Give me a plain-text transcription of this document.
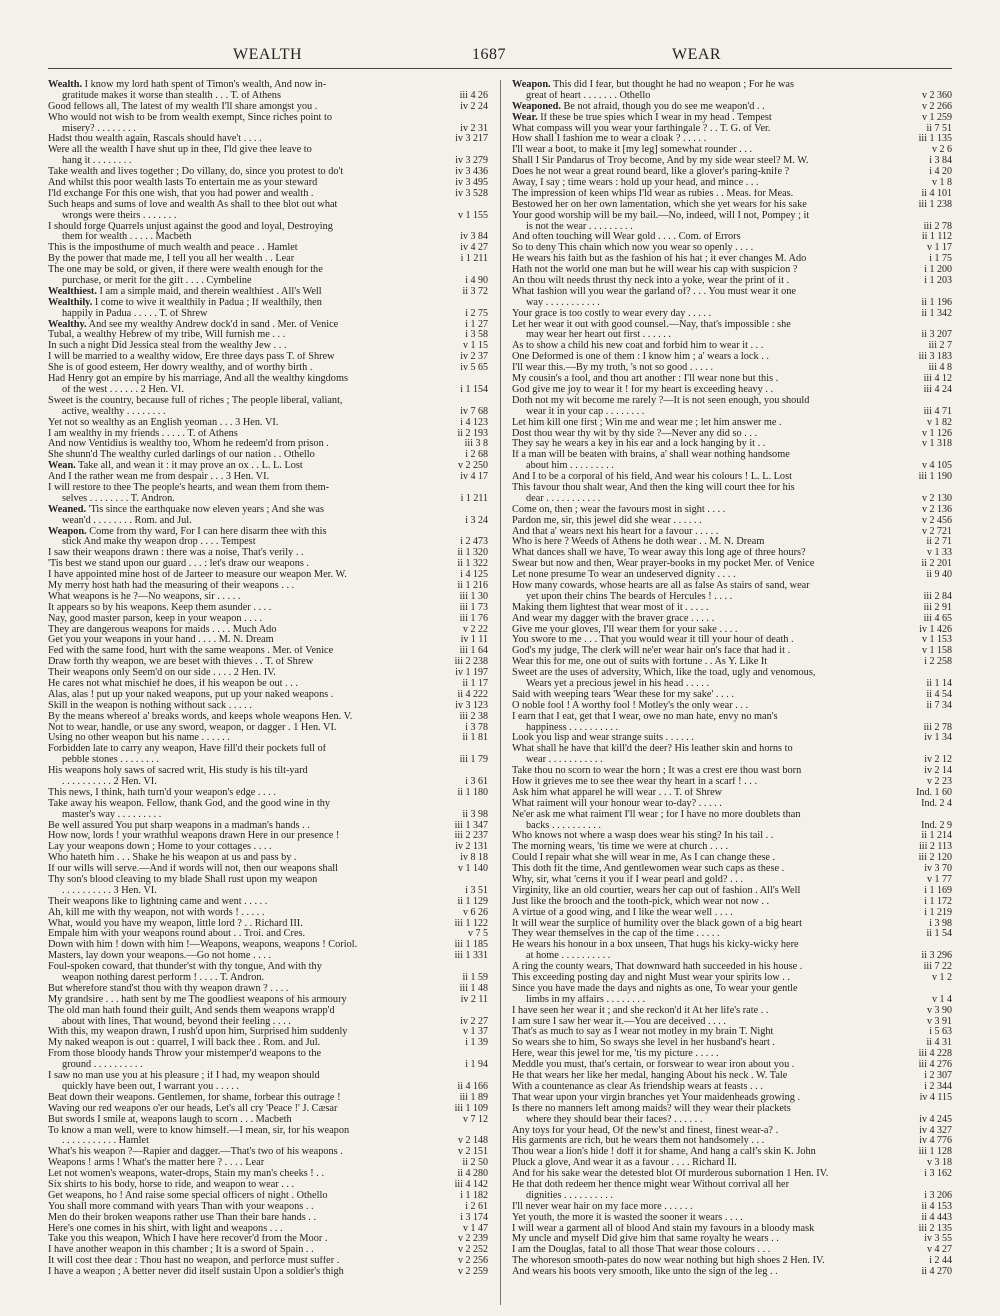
WEALTH	1687	WEAR
Wealth. I know my lord hath spent of Timon's wealth, And now in-
gratitude makes it worse than stealth . . . T. of Athens	iii 4 26
Good fellows all, The latest of my wealth I'll share amongst you .	iv 2 24
Who would not wish to be from wealth exempt, Since riches point to
misery? . . . . . . . .	iv 2 31
Hadst thou wealth again, Rascals should have't . . . .	iv 3 217
Were all the wealth I have shut up in thee, I'ld give thee leave to
hang it . . . . . . . .	iv 3 279
Take wealth and lives together ; Do villany, do, since you protest to do't	iv 3 436
And whilst this poor wealth lasts To entertain me as your steward	iv 3 495
I'ld exchange For this one wish, that you had power and wealth .	iv 3 528
Such heaps and sums of love and wealth As shall to thee blot out what
wrongs were theirs . . . . . . .	v 1 155
I should forge Quarrels unjust against the good and loyal, Destroying
them for wealth . . . . . Macbeth	iv 3 84
This is the imposthume of much wealth and peace . . Hamlet	iv 4 27
By the power that made me, I tell you all her wealth . . Lear	i 1 211
The one may be sold, or given, if there were wealth enough for the
purchase, or merit for the gift . . . . Cymbeline	i 4 90
Wealthiest. I am a simple maid, and therein wealthiest . All's Well	ii 3 72
Wealthily. I come to wive it wealthily in Padua ; If wealthily, then
happily in Padua . . . . . T. of Shrew	i 2 75
Wealthy. And see my wealthy Andrew dock'd in sand . Mer. of Venice	i 1 27
Tubal, a wealthy Hebrew of my tribe, Will furnish me . . .	i 3 58
In such a night Did Jessica steal from the wealthy Jew . . .	v 1 15
I will be married to a wealthy widow, Ere three days pass T. of Shrew	iv 2 37
She is of good esteem, Her dowry wealthy, and of worthy birth .	iv 5 65
Had Henry got an empire by his marriage, And all the wealthy kingdoms
of the west . . . . . . 2 Hen. VI.	i 1 154
Sweet is the country, because full of riches ; The people liberal, valiant,
active, wealthy . . . . . . . .	iv 7 68
Yet not so wealthy as an English yeoman . . . 3 Hen. VI.	i 4 123
I am wealthy in my friends . . . . . T. of Athens	ii 2 193
And now Ventidius is wealthy too, Whom he redeem'd from prison .	iii 3 8
She shunn'd The wealthy curled darlings of our nation . . Othello	i 2 68
Wean. Take all, and wean it : it may prove an ox . . L. L. Lost	v 2 250
And I the rather wean me from despair . . . 3 Hen. VI.	iv 4 17
I will restore to thee The people's hearts, and wean them from them-
selves . . . . . . . . T. Andron.	i 1 211
Weaned. 'Tis since the earthquake now eleven years ; And she was
wean'd . . . . . . . . Rom. and Jul.	i 3 24
Weapon. Come from thy ward, For I can here disarm thee with this
stick And make thy weapon drop . . . . Tempest	i 2 473
I saw their weapons drawn : there was a noise, That's verily . .	ii 1 320
'Tis best we stand upon our guard . . . : let's draw our weapons .	ii 1 322
I have appointed mine host of de Jarteer to measure our weapon Mer. W.	i 4 125
My merry host hath had the measuring of their weapons . . .	ii 1 216
What weapons is he ?—No weapons, sir . . . . .	iii 1 30
It appears so by his weapons. Keep them asunder . . . .	iii 1 73
Nay, good master parson, keep in your weapon . . . .	iii 1 76
They are dangerous weapons for maids . . . . Much Ado	v 2 22
Get you your weapons in your hand . . . . M. N. Dream	iv 1 11
Fed with the same food, hurt with the same weapons . Mer. of Venice	iii 1 64
Draw forth thy weapon, we are beset with thieves . . T. of Shrew	iii 2 238
Their weapons only Seem'd on our side . . . . 2 Hen. IV.	iv 1 197
He cares not what mischief he does, if his weapon be out . . .	ii 1 17
Alas, alas ! put up your naked weapons, put up your naked weapons .	ii 4 222
Skill in the weapon is nothing without sack . . . . .	iv 3 123
By the means whereof a' breaks words, and keeps whole weapons Hen. V.	iii 2 38
Not to wear, handle, or use any sword, weapon, or dagger . 1 Hen. VI.	i 3 78
Using no other weapon but his name . . . . . .	ii 1 81
Forbidden late to carry any weapon, Have fill'd their pockets full of
pebble stones . . . . . . . .	iii 1 79
His weapons holy saws of sacred writ, His study is his tilt-yard
. . . . . . . . . . 2 Hen. VI.	i 3 61
This news, I think, hath turn'd your weapon's edge . . . .	ii 1 180
Take away his weapon. Fellow, thank God, and the good wine in thy
master's way . . . . . . . . .	ii 3 98
Be well assured You put sharp weapons in a madman's hands . .	iii 1 347
How now, lords ! your wrathful weapons drawn Here in our presence !	iii 2 237
Lay your weapons down ; Home to your cottages . . . .	iv 2 131
Who hateth him . . . Shake he his weapon at us and pass by .	iv 8 18
If our wills will serve.—And if words will not, then our weapons shall	v 1 140
Thy son's blood cleaving to my blade Shall rust upon my weapon
. . . . . . . . . . 3 Hen. VI.	i 3 51
Their weapons like to lightning came and went . . . . .	ii 1 129
Ah, kill me with thy weapon, not with words ! . . . . .	v 6 26
What, would you have my weapon, little lord ? . . Richard III.	iii 1 122
Empale him with your weapons round about . . Troi. and Cres.	v 7 5
Down with him ! down with him !—Weapons, weapons, weapons ! Coriol.	iii 1 185
Masters, lay down your weapons.—Go not home . . . .	iii 1 331
Foul-spoken coward, that thunder'st with thy tongue, And with thy
weapon nothing darest perform ! . . . . T. Andron.	ii 1 59
But wherefore stand'st thou with thy weapon drawn ? . . . .	iii 1 48
My grandsire . . . hath sent by me The goodliest weapons of his armoury	iv 2 11
The old man hath found their guilt, And sends them weapons wrapp'd
about with lines, That wound, beyond their feeling . . . .	iv 2 27
With this, my weapon drawn, I rush'd upon him, Surprised him suddenly	v 1 37
My naked weapon is out : quarrel, I will back thee . Rom. and Jul.	i 1 39
From those bloody hands Throw your mistemper'd weapons to the
ground . . . . . . . . . .	i 1 94
I saw no man use you at his pleasure ; if I had, my weapon should
quickly have been out, I warrant you . . . . .	ii 4 166
Beat down their weapons. Gentlemen, for shame, forbear this outrage !	iii 1 89
Waving our red weapons o'er our heads, Let's all cry 'Peace !' J. Cæsar	iii 1 109
But swords I smile at, weapons laugh to scorn . . . Macbeth	v 7 12
To know a man well, were to know himself.—I mean, sir, for his weapon
. . . . . . . . . . . Hamlet	v 2 148
What's his weapon ?—Rapier and dagger.—That's two of his weapons .	v 2 151
Weapons ! arms ! What's the matter here ? . . . . Lear	ii 2 50
Let not women's weapons, water-drops, Stain my man's cheeks ! . .	ii 4 280
Six shirts to his body, horse to ride, and weapon to wear . . .	iii 4 142
Get weapons, ho ! And raise some special officers of night . Othello	i 1 182
You shall more command with years Than with your weapons . .	i 2 61
Men do their broken weapons rather use Than their bare hands . .	i 3 174
Here's one comes in his shirt, with light and weapons . . .	v 1 47
Take you this weapon, Which I have here recover'd from the Moor .	v 2 239
I have another weapon in this chamber ; It is a sword of Spain . .	v 2 252
It will cost thee dear : Thou hast no weapon, and perforce must suffer .	v 2 256
I have a weapon ; A better never did itself sustain Upon a soldier's thigh	v 2 259
Weapon. This did I fear, but thought he had no weapon ; For he was
great of heart . . . . . . . Othello	v 2 360
Weaponed. Be not afraid, though you do see me weapon'd . .	v 2 266
Wear. If these be true spies which I wear in my head . Tempest	v 1 259
What compass will you wear your farthingale ? . . T. G. of Ver.	ii 7 51
How shall I fashion me to wear a cloak ? . . . . .	iii 1 135
I'll wear a boot, to make it [my leg] somewhat rounder . . .	v 2 6
Shall I Sir Pandarus of Troy become, And by my side wear steel? M. W.	i 3 84
Does he not wear a great round beard, like a glover's paring-knife ?	i 4 20
Away, I say ; time wears : hold up your head, and mince . . .	v 1 8
The impression of keen whips I'ld wear as rubies . . Meas. for Meas.	ii 4 101
Bestowed her on her own lamentation, which she yet wears for his sake	iii 1 238
Your good worship will be my bail.—No, indeed, will I not, Pompey ; it
is not the wear . . . . . . . . .	iii 2 78
And often touching will Wear gold . . . . Com. of Errors	ii 1 112
So to deny This chain which now you wear so openly . . . .	v 1 17
He wears his faith but as the fashion of his hat ; it ever changes M. Ado	i 1 75
Hath not the world one man but he will wear his cap with suspicion ?	i 1 200
An thou wilt needs thrust thy neck into a yoke, wear the print of it .	i 1 203
What fashion will you wear the garland of? . . . You must wear it one
way . . . . . . . . . . .	ii 1 196
Your grace is too costly to wear every day . . . . .	ii 1 342
Let her wear it out with good counsel.—Nay, that's impossible : she
may wear her heart out first . . . . . .	ii 3 207
As to show a child his new coat and forbid him to wear it . . .	iii 2 7
One Deformed is one of them : I know him ; a' wears a lock . .	iii 3 183
I'll wear this.—By my troth, 's not so good . . . . .	iii 4 8
My cousin's a fool, and thou art another : I'll wear none but this .	iii 4 12
God give me joy to wear it ! for my heart is exceeding heavy . .	iii 4 24
Doth not my wit become me rarely ?—It is not seen enough, you should
wear it in your cap . . . . . . . .	iii 4 71
Let him kill one first ; Win me and wear me ; let him answer me .	v 1 82
Dost thou wear thy wit by thy side ?—Never any did so . . .	v 1 126
They say he wears a key in his ear and a lock hanging by it . .	v 1 318
If a man will be beaten with brains, a' shall wear nothing handsome
about him . . . . . . . . .	v 4 105
And I to be a corporal of his field, And wear his colours ! L. L. Lost	iii 1 190
This favour thou shalt wear, And then the king will court thee for his
dear . . . . . . . . . . .	v 2 130
Come on, then ; wear the favours most in sight . . . .	v 2 136
Pardon me, sir, this jewel did she wear . . . . . .	v 2 456
And that a' wears next his heart for a favour . . . . .	v 2 721
Who is here ? Weeds of Athens he doth wear . . M. N. Dream	ii 2 71
What dances shall we have, To wear away this long age of three hours?	v 1 33
Swear but now and then, Wear prayer-books in my pocket Mer. of Venice	ii 2 201
Let none presume To wear an undeserved dignity . . . .	ii 9 40
How many cowards, whose hearts are all as false As stairs of sand, wear
yet upon their chins The beards of Hercules ! . . . .	iii 2 84
Making them lightest that wear most of it . . . . .	iii 2 91
And wear my dagger with the braver grace . . . . .	iii 4 65
Give me your gloves, I'll wear them for your sake . . . .	iv 1 426
You swore to me . . . That you would wear it till your hour of death .	v 1 153
God's my judge, The clerk will ne'er wear hair on's face that had it .	v 1 158
Wear this for me, one out of suits with fortune . . As Y. Like It	i 2 258
Sweet are the uses of adversity, Which, like the toad, ugly and venomous,
Wears yet a precious jewel in his head . . . . .	ii 1 14
Said with weeping tears 'Wear these for my sake' . . . .	ii 4 54
O noble fool ! A worthy fool ! Motley's the only wear . . .	ii 7 34
I earn that I eat, get that I wear, owe no man hate, envy no man's
happiness . . . . . . . . . .	iii 2 78
Look you lisp and wear strange suits . . . . . .	iv 1 34
What shall he have that kill'd the deer? His leather skin and horns to
wear . . . . . . . . . . .	iv 2 12
Take thou no scorn to wear the horn ; It was a crest ere thou wast born	iv 2 14
How it grieves me to see thee wear thy heart in a scarf ! . . .	v 2 23
Ask him what apparel he will wear . . . T. of Shrew	Ind. 1 60
What raiment will your honour wear to-day? . . . . .	Ind. 2 4
Ne'er ask me what raiment I'll wear ; for I have no more doublets than
backs . . . . . . . . . .	Ind. 2 9
Who knows not where a wasp does wear his sting? In his tail . .	ii 1 214
The morning wears, 'tis time we were at church . . . .	iii 2 113
Could I repair what she will wear in me, As I can change these .	iii 2 120
This doth fit the time, And gentlewomen wear such caps as these .	iv 3 70
Why, sir, what 'cerns it you if I wear pearl and gold? . . .	v 1 77
Virginity, like an old courtier, wears her cap out of fashion . All's Well	i 1 169
Just like the brooch and the tooth-pick, which wear not now . .	i 1 172
A virtue of a good wing, and I like the wear well . . . .	i 1 219
It will wear the surplice of humility over the black gown of a big heart	i 3 98
They wear themselves in the cap of the time . . . . .	ii 1 54
He wears his honour in a box unseen, That hugs his kicky-wicky here
at home . . . . . . . . . .	ii 3 296
A ring the county wears, That downward hath succeeded in his house .	iii 7 22
This exceeding posting day and night Must wear your spirits low . .	v 1 2
Since you have made the days and nights as one, To wear your gentle
limbs in my affairs . . . . . . . .	v 1 4
I have seen her wear it ; and she reckon'd it At her life's rate . .	v 3 90
I am sure I saw her wear it.—You are deceived . . . .	v 3 91
That's as much to say as I wear not motley in my brain T. Night	i 5 63
So wears she to him, So sways she level in her husband's heart .	ii 4 31
Here, wear this jewel for me, 'tis my picture . . . . .	iii 4 228
Meddle you must, that's certain, or forswear to wear iron about you .	iii 4 276
He that wears her like her medal, hanging About his neck . W. Tale	i 2 307
With a countenance as clear As friendship wears at feasts . . .	i 2 344
That wear upon your virgin branches yet Your maidenheads growing .	iv 4 115
Is there no manners left among maids? will they wear their plackets
where they should bear their faces? . . . . . .	iv 4 245
Any toys for your head, Of the new'st and finest, finest wear-a? .	iv 4 327
His garments are rich, but he wears them not handsomely . . .	iv 4 776
Thou wear a lion's hide ! doff it for shame, And hang a calf's skin K. John	iii 1 128
Pluck a glove, And wear it as a favour . . . . Richard II.	v 3 18
And for his sake wear the detested blot Of murderous subornation 1 Hen. IV.	i 3 162
He that doth redeem her thence might wear Without corrival all her
dignities . . . . . . . . . .	i 3 206
I'll never wear hair on my face more . . . . . .	ii 4 153
Yet youth, the more it is wasted the sooner it wears . . . .	ii 4 443
I will wear a garment all of blood And stain my favours in a bloody mask	iii 2 135
My uncle and myself Did give him that same royalty he wears . .	iv 3 55
I am the Douglas, fatal to all those That wear those colours . . .	v 4 27
The whoreson smooth-pates do now wear nothing but high shoes 2 Hen. IV.	i 2 44
And wears his boots very smooth, like unto the sign of the leg . .	ii 4 270
